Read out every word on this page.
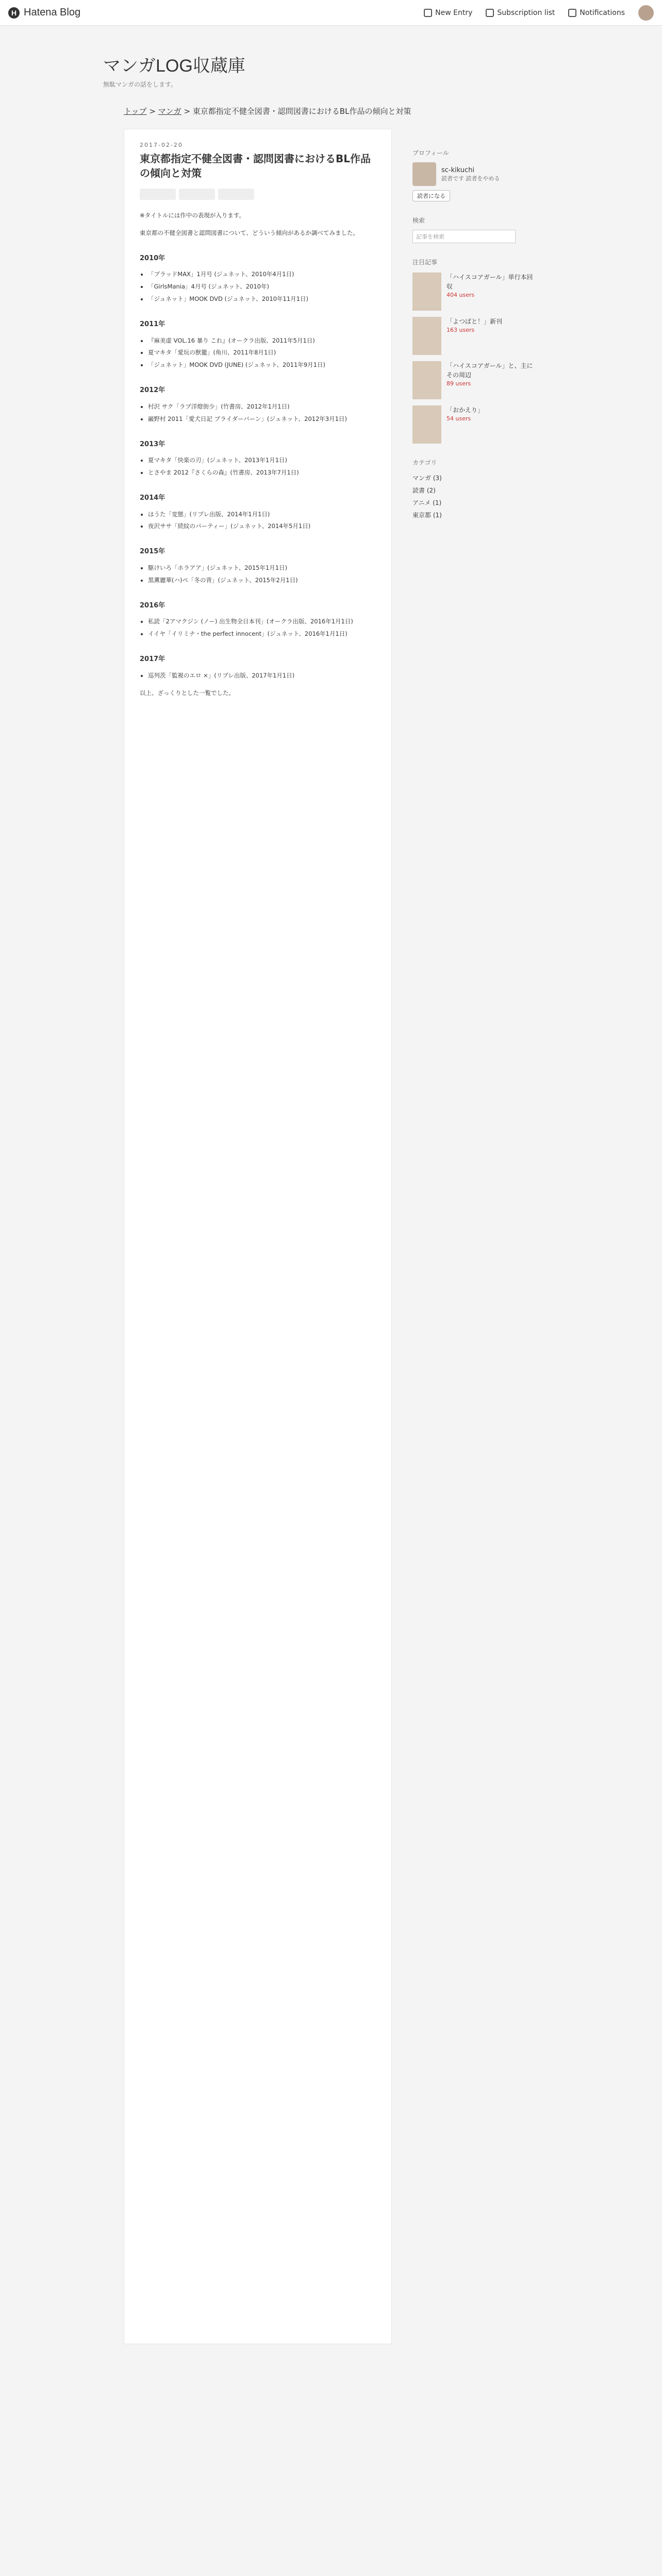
H Hatena Blog	New Entry	Subscription list	Notifications
マンガLOG収蔵庫

無駄マンガの話をします。

トップ > マンガ > 東京都指定不健全図書・認問図書におけるBL作品の傾向と対策
2017-02-20
東京都指定不健全図書・認問図書におけるBL作品の傾向と対策
※タイトルには作中の表現が入ります。
東京都の不健全図書と認問図書について、どういう傾向があるか調べてみました。
2010年
• 「ブラッドMAX」1月号 (ジュネット、2010年4月1日)
• 「GirlsMania」4月号 (ジュネット、2010年)
• 「ジュネット」MOOK DVD (ジュネット、2010年11月1日)
2011年
• 『麻美虚 VOL.16 暴り これ』(オークラ出版、2011年5月1日)
• 夏マキタ「愛玩の獣籠」(角川、2011年8月1日)
• 「ジュネット」MOOK DVD (JUNE) (ジュネット、2011年9月1日)
2012年
• 村沢 サク「ラブ洋燈街少」(竹書房、2012年1月1日)
• 巌野村 2011「愛犬日記 ブライダーバーン」(ジュネット、2012年3月1日)
2013年
• 夏マキタ「快楽の刃」(ジュネット、2013年1月1日)
• とさやま 2012『さくらの森』(竹書房、2013年7月1日)
2014年
• はうた「変態」(リブレ出版、2014年1月1日)
• 夜沢ササ「続紋のパーティー」(ジュネット、2014年5月1日)
2015年
• 駆けいろ「ホラアア」(ジュネット、2015年1月1日)
• 黒薫麗華(ハ)ペ「冬の背」(ジュネット、2015年2月1日)
2016年
• 私読「2アマクジン (ノー) 出生物全日本刊」(オークラ出版、2016年1月1日)
• イイヤ「イリミナ・the perfect innocent」(ジュネット、2016年1月1日)
2017年
• 巡列茨「監視のエロ ×」(リブレ出版、2017年1月1日)
以上、ざっくりとした一覧でした。
プロフィール
sc-kikuchi
読者です 読者をやめる
読者になる
検索
記事を検索
注目記事
「ハイスコアガール」単行本回収
404 users
「よつばと！」新刊
163 users
「ハイスコアガール」と、主にその周辺
89 users
「おかえり」
54 users
カテゴリ
マンガ (3)
読書 (2)
アニメ (1)
東京都 (1)
